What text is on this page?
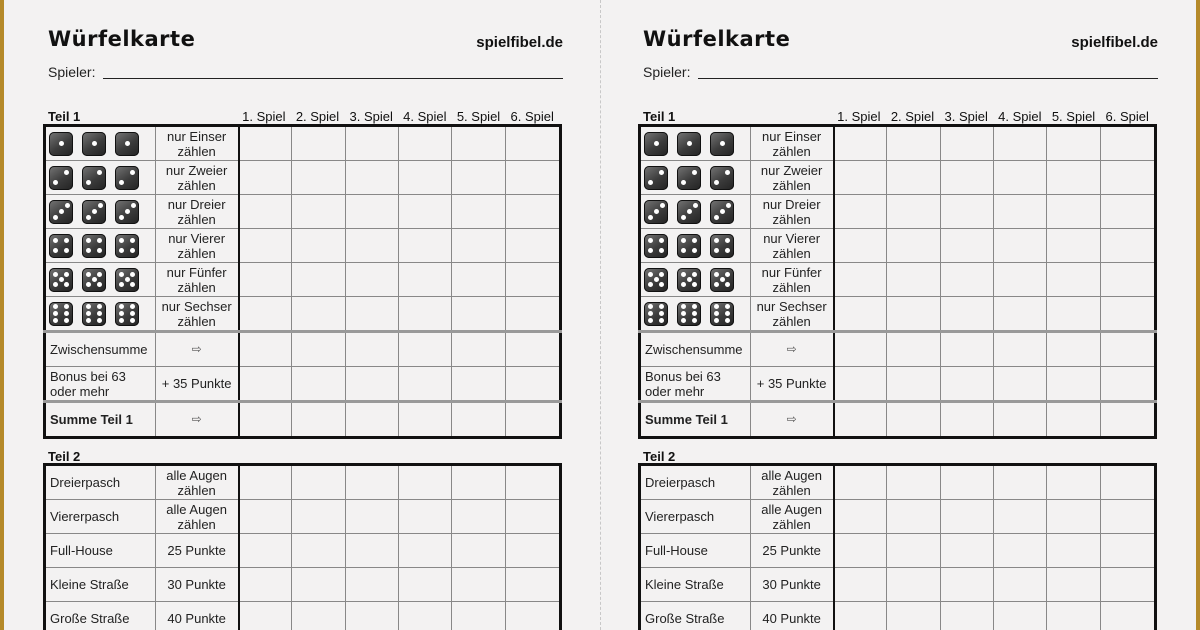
Würfelkarte	spielfibel.de
Spieler:
Teil 1	1. Spiel 2. Spiel 3. Spiel 4. Spiel 5. Spiel 6. Spiel
	nur Einser zählen						

	nur Zweier zählen						

	nur Dreier zählen						

	nur Vierer zählen						

	nur Fünfer zählen						

	nur Sechser zählen						
Zwischensumme	⇨						
Bonus bei 63 oder mehr	+ 35 Punkte						
Summe Teil 1	⇨						
Teil 2
Dreierpasch	alle Augen zählen						
Viererpasch	alle Augen zählen						
Full-House	25 Punkte						
Kleine Straße	30 Punkte						
Große Straße	40 Punkte						
Würfelkarte	spielfibel.de
Spieler:
Teil 1	1. Spiel 2. Spiel 3. Spiel 4. Spiel 5. Spiel 6. Spiel
	nur Einser zählen						

	nur Zweier zählen						

	nur Dreier zählen						

	nur Vierer zählen						

	nur Fünfer zählen						

	nur Sechser zählen						
Zwischensumme	⇨						
Bonus bei 63 oder mehr	+ 35 Punkte						
Summe Teil 1	⇨						
Teil 2
Dreierpasch	alle Augen zählen						
Viererpasch	alle Augen zählen						
Full-House	25 Punkte						
Kleine Straße	30 Punkte						
Große Straße	40 Punkte						
